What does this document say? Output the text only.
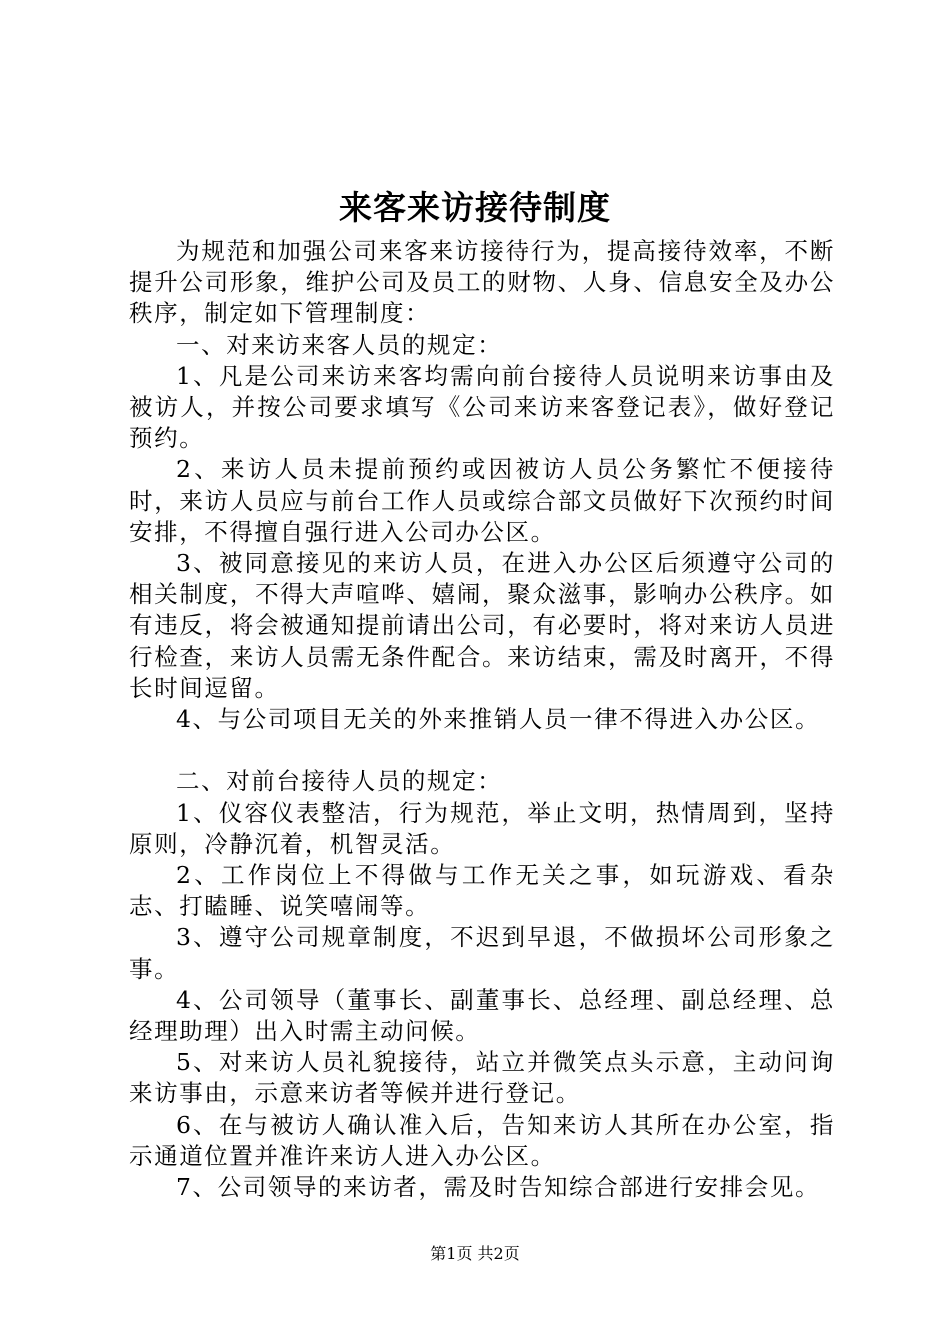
来客来访接待制度

为规范和加强公司来客来访接待行为，提高接待效率，不断提升公司形象，维护公司及员工的财物、人身、信息安全及办公秩序，制定如下管理制度：

一、对来访来客人员的规定：

1、凡是公司来访来客均需向前台接待人员说明来访事由及被访人，并按公司要求填写《公司来访来客登记表》，做好登记预约。

2、来访人员未提前预约或因被访人员公务繁忙不便接待时，来访人员应与前台工作人员或综合部文员做好下次预约时间安排，不得擅自强行进入公司办公区。

3、被同意接见的来访人员，在进入办公区后须遵守公司的相关制度，不得大声喧哗、嬉闹，聚众滋事，影响办公秩序。如有违反，将会被通知提前请出公司，有必要时，将对来访人员进行检查，来访人员需无条件配合。来访结束，需及时离开，不得长时间逗留。

4、与公司项目无关的外来推销人员一律不得进入办公区。

二、对前台接待人员的规定：

1、仪容仪表整洁，行为规范，举止文明，热情周到，坚持原则，冷静沉着，机智灵活。

2、工作岗位上不得做与工作无关之事，如玩游戏、看杂志、打瞌睡、说笑嘻闹等。

3、遵守公司规章制度，不迟到早退，不做损坏公司形象之事。

4、公司领导（董事长、副董事长、总经理、副总经理、总经理助理）出入时需主动问候。

5、对来访人员礼貌接待，站立并微笑点头示意，主动问询来访事由，示意来访者等候并进行登记。

6、在与被访人确认准入后，告知来访人其所在办公室，指示通道位置并准许来访人进入办公区。

7、公司领导的来访者，需及时告知综合部进行安排会见。

第1页 共2页
